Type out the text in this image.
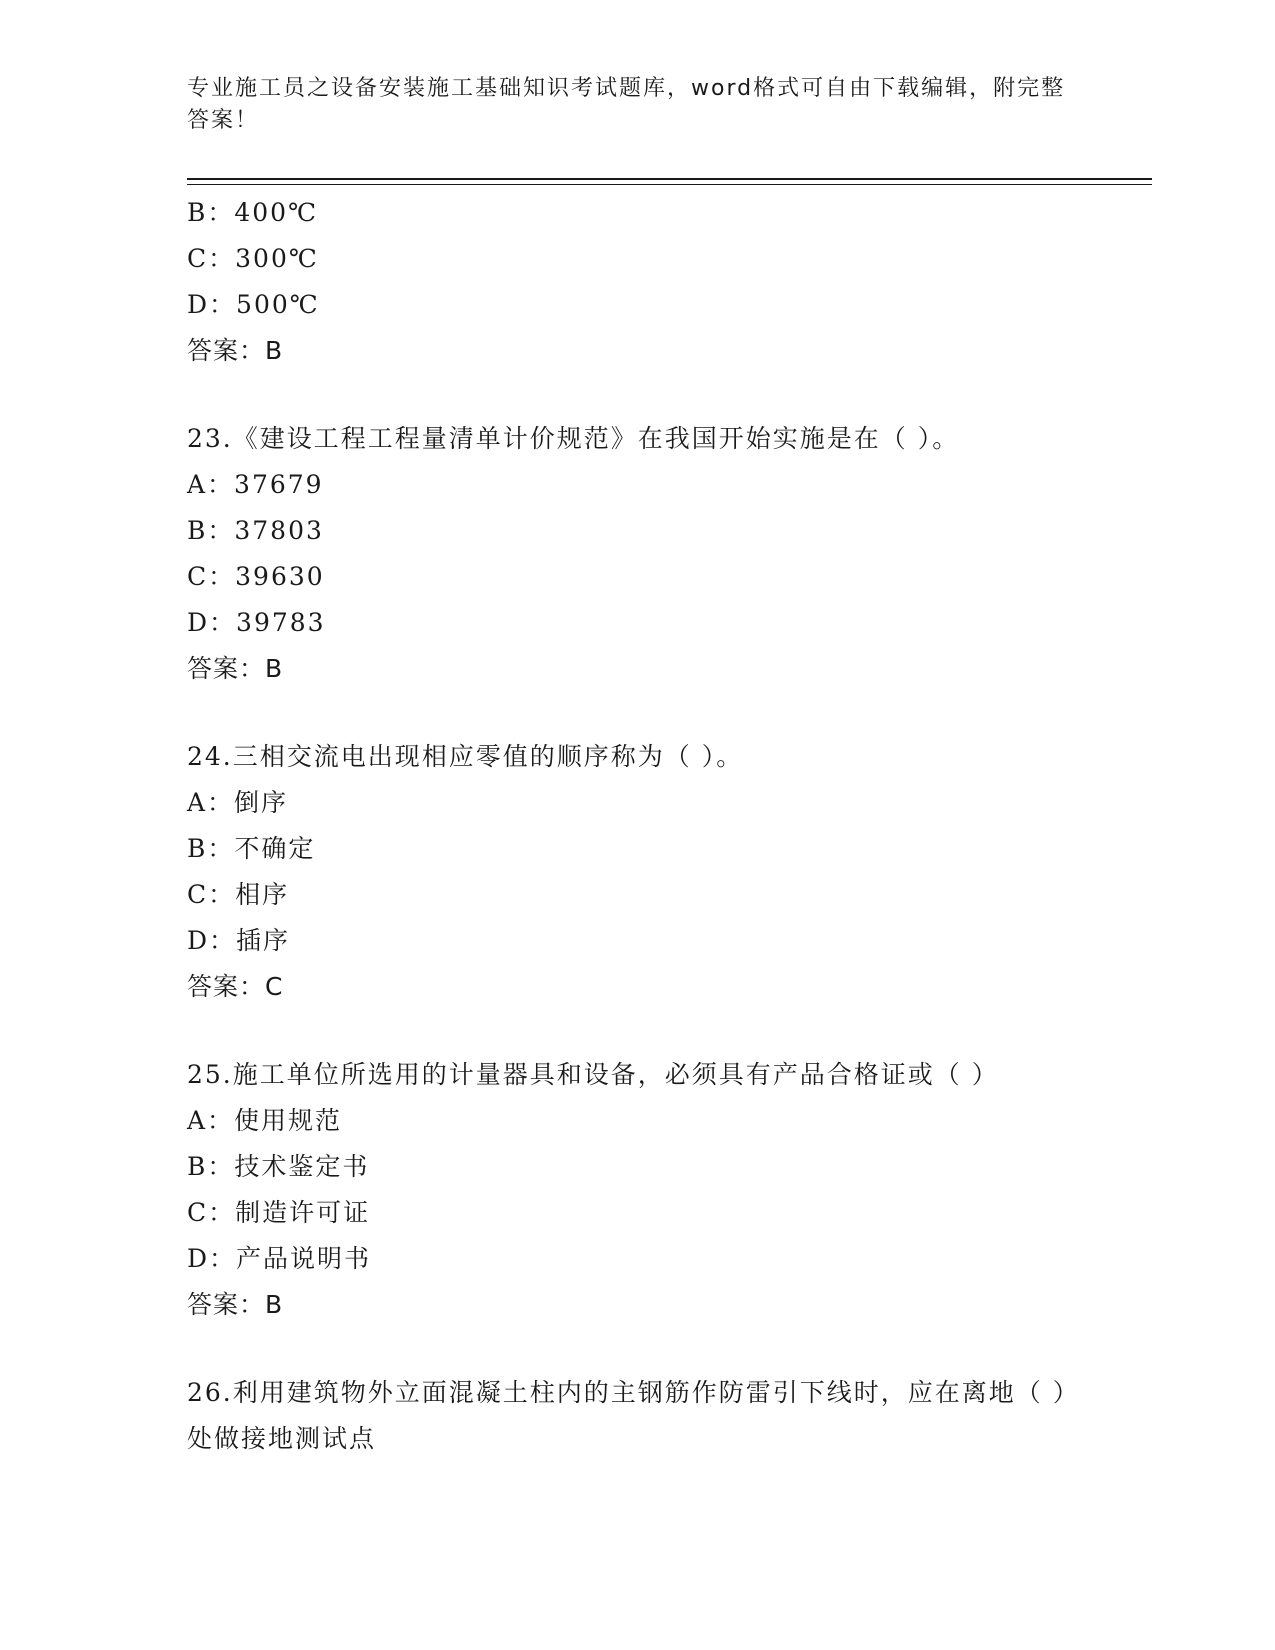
专业施工员之设备安装施工基础知识考试题库，word格式可自由下载编辑，附完整答案！
B：400℃
C：300℃
D：500℃
答案：B
23.《建设工程工程量清单计价规范》在我国开始实施是在（ ）。
A：37679
B：37803
C：39630
D：39783
答案：B
24.三相交流电出现相应零值的顺序称为（ ）。
A：倒序
B：不确定
C：相序
D：插序
答案：C
25.施工单位所选用的计量器具和设备，必须具有产品合格证或（ ）
A：使用规范
B：技术鉴定书
C：制造许可证
D：产品说明书
答案：B
26.利用建筑物外立面混凝土柱内的主钢筋作防雷引下线时，应在离地（ ）处做接地测试点
